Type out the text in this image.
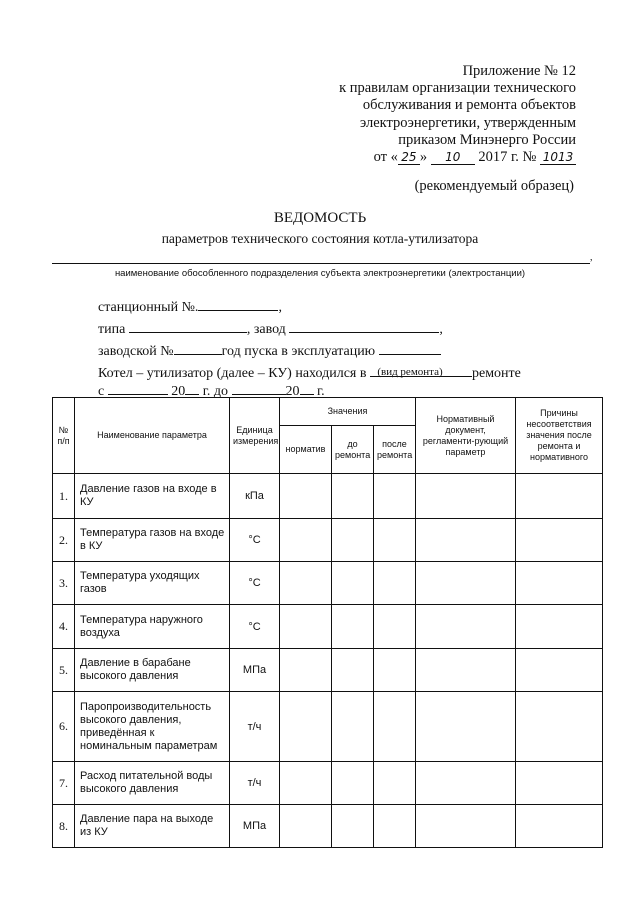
Приложение № 12
к правилам организации технического
обслуживания и ремонта объектов
электроэнергетики, утвержденным
приказом Минэнерго России
от « 25 » 10 2017 г. № 1013
(рекомендуемый образец)
ВЕДОМОСТЬ
параметров технического состояния котла-утилизатора
,
наименование обособленного подразделения субъекта электроэнергетики (электростанции)
станционный №.	,
типа	, завод	,
заводской №	год пуска в эксплуатацию
Котел – утилизатор (далее – КУ) находился в	ремонте
(вид ремонта)
с	20 г. до	20 г.
№ п/п	Наименование параметра	Единица измерения	Значения			Нормативный документ, регламенти-рующий параметр	Причины несоответствия значения после ремонта и нормативного
			норматив	до ремонта	после ремонта		
1.	Давление газов на входе в КУ	кПа					
2.	Температура газов на входе в КУ	°С					
3.	Температура уходящих газов	°С					
4.	Температура наружного воздуха	°С					
5.	Давление в барабане высокого давления	МПа					
6.	Паропроизводительность высокого давления, приведённая к номинальным параметрам	т/ч					
7.	Расход питательной воды высокого давления	т/ч					
8.	Давление пара на выходе из КУ	МПа					
